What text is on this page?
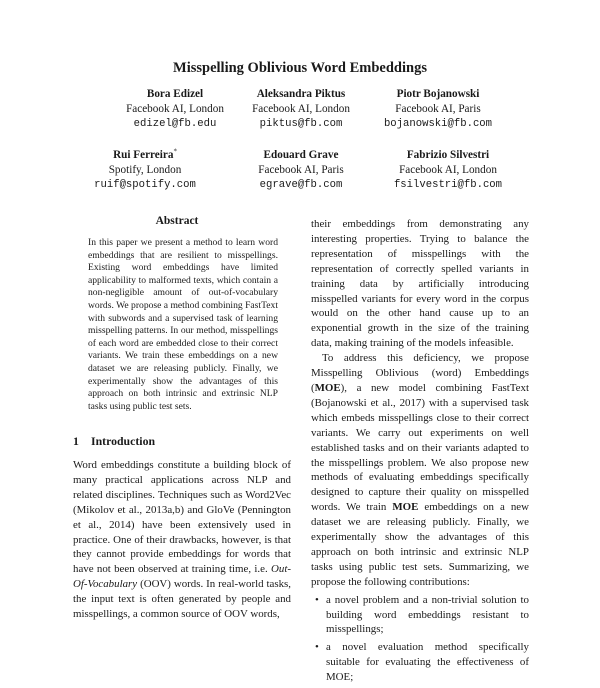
Misspelling Oblivious Word Embeddings
Bora Edizel
Facebook AI, London
edizel@fb.edu
Aleksandra Piktus
Facebook AI, London
piktus@fb.com
Piotr Bojanowski
Facebook AI, Paris
bojanowski@fb.com
Rui Ferreira*
Spotify, London
ruif@spotify.com
Edouard Grave
Facebook AI, Paris
egrave@fb.com
Fabrizio Silvestri
Facebook AI, London
fsilvestri@fb.com
Abstract
In this paper we present a method to learn word embeddings that are resilient to misspellings. Existing word embeddings have limited applicability to malformed texts, which contain a non-negligible amount of out-of-vocabulary words. We propose a method combining FastText with subwords and a supervised task of learning misspelling patterns. In our method, misspellings of each word are embedded close to their correct variants. We train these embeddings on a new dataset we are releasing publicly. Finally, we experimentally show the advantages of this approach on both intrinsic and extrinsic NLP tasks using public test sets.
1 Introduction

Word embeddings constitute a building block of many practical applications across NLP and related disciplines. Techniques such as Word2Vec (Mikolov et al., 2013a,b) and GloVe (Pennington et al., 2014) have been extensively used in practice. One of their drawbacks, however, is that they cannot provide embeddings for words that have not been observed at training time, i.e. Out-Of-Vocabulary (OOV) words. In real-world tasks, the input text is often generated by people and misspellings, a common source of OOV words,

their embeddings from demonstrating any interesting properties. Trying to balance the representation of misspellings with the representation of correctly spelled variants in training data by artificially introducing misspelled variants for every word in the corpus would on the other hand cause up to an exponential growth in the size of the training data, making training of the models infeasible.

To address this deficiency, we propose Misspelling Oblivious (word) Embeddings (MOE), a new model combining FastText (Bojanowski et al., 2017) with a supervised task which embeds misspellings close to their correct variants. We carry out experiments on well established tasks and on their variants adapted to the misspellings problem. We also propose new methods of evaluating embeddings specifically designed to capture their quality on misspelled words. We train MOE embeddings on a new dataset we are releasing publicly. Finally, we experimentally show the advantages of this approach on both intrinsic and extrinsic NLP tasks using public test sets. Summarizing, we propose the following contributions:

• a novel problem and a non-trivial solution to building word embeddings resistant to misspellings;
• a novel evaluation method specifically suitable for evaluating the effectiveness of MOE;
